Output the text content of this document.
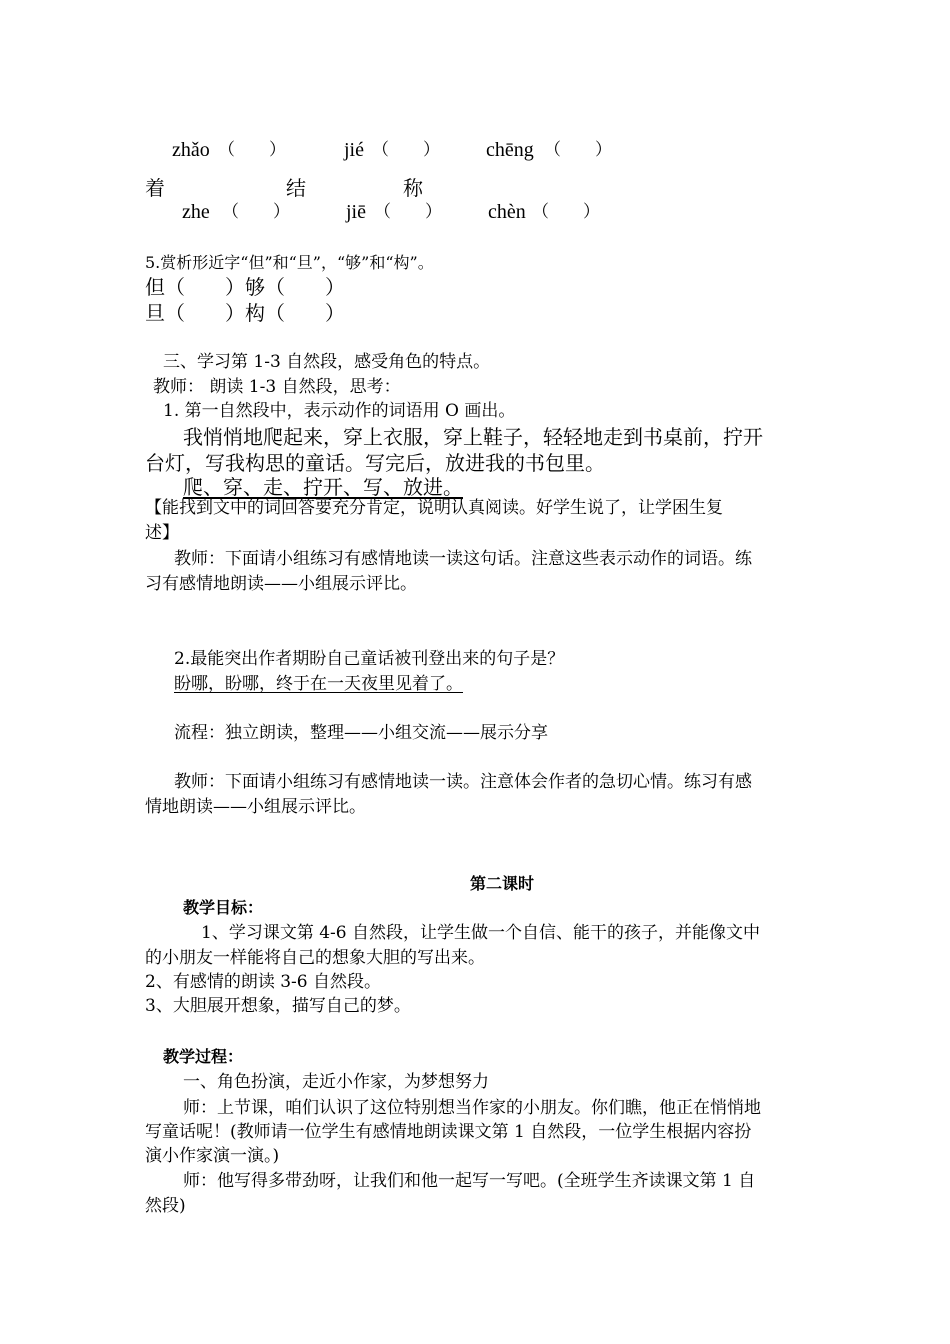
zhǎo （　　）	jié （　　） chēng （　　）
着	结	称
zhe （　　）	jiē （　　） chèn （　　）
5.赏析形近字“但”和“旦”，“够”和“构”。
但（　　）够（　　）
旦（　　）构（　　）
三、学习第 1-3 自然段，感受角色的特点。
教师： 朗读 1-3 自然段，思考：
1. 第一自然段中，表示动作的词语用 O 画出。
我悄悄地爬起来，穿上衣服，穿上鞋子，轻轻地走到书桌前，拧开
台灯，写我构思的童话。写完后，放进我的书包里。
爬、穿、走、拧开、写、放进。
【能找到文中的词回答要充分肯定，说明认真阅读。好学生说了，让学困生复
述】
教师：下面请小组练习有感情地读一读这句话。注意这些表示动作的词语。练
习有感情地朗读——小组展示评比。
2.最能突出作者期盼自己童话被刊登出来的句子是？
盼哪，盼哪，终于在一天夜里见着了。
流程：独立朗读，整理——小组交流——展示分享
教师：下面请小组练习有感情地读一读。注意体会作者的急切心情。练习有感
情地朗读——小组展示评比。
第二课时
教学目标：
1、学习课文第 4-6 自然段，让学生做一个自信、能干的孩子，并能像文中
的小朋友一样能将自己的想象大胆的写出来。
2、有感情的朗读 3-6 自然段。
3、大胆展开想象，描写自己的梦。
教学过程：
一、角色扮演，走近小作家，为梦想努力
师：上节课，咱们认识了这位特别想当作家的小朋友。你们瞧，他正在悄悄地
写童话呢！(教师请一位学生有感情地朗读课文第 1 自然段，一位学生根据内容扮
演小作家演一演。)
师：他写得多带劲呀，让我们和他一起写一写吧。(全班学生齐读课文第 1 自
然段)
